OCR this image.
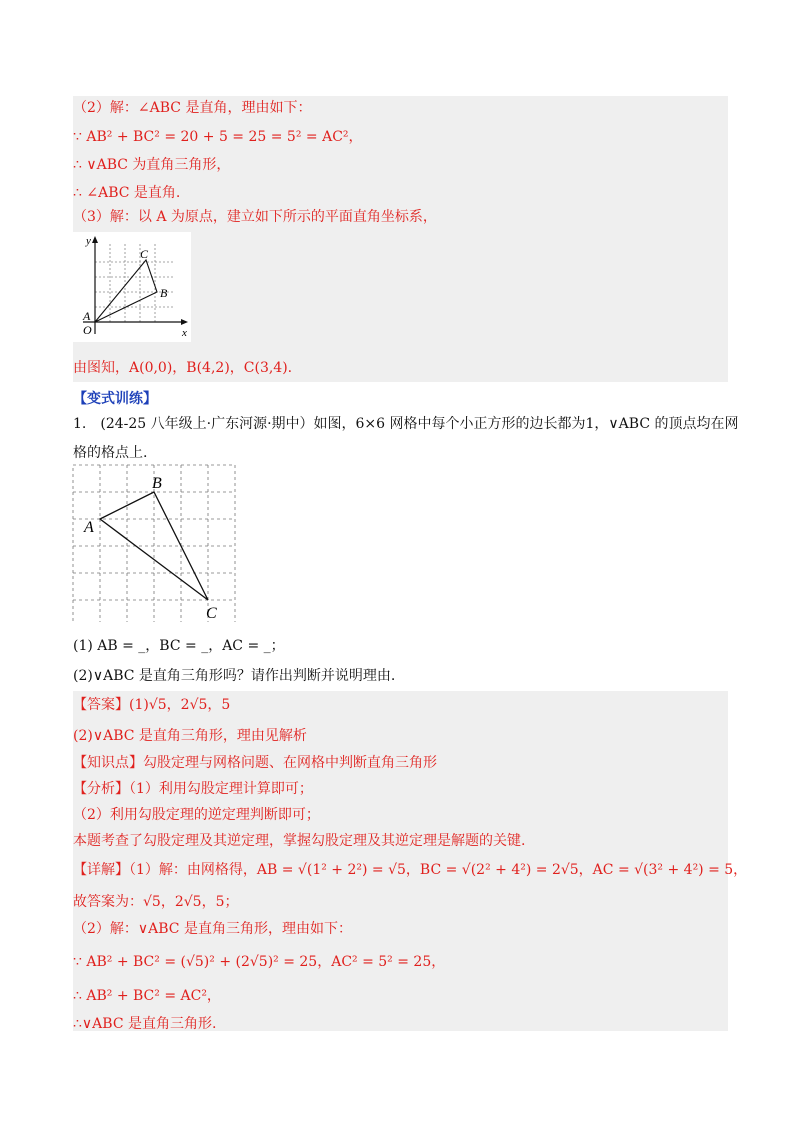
（2）解：∠ABC 是直角，理由如下：
∵ AB² + BC² = 20 + 5 = 25 = 5² = AC²，
∴ ∨ABC 为直角三角形，
∴ ∠ABC 是直角.
（3）解：以 A 为原点，建立如下所示的平面直角坐标系，
y
x
A
O
B
C
由图知，A(0,0)，B(4,2)，C(3,4).
【变式训练】
1.　(24-25 八年级上·广东河源·期中）如图，6×6 网格中每个小正方形的边长都为1，∨ABC 的顶点均在网
格的格点上.
A
B
C
(1) AB = _，BC = _，AC = _；
(2)∨ABC 是直角三角形吗？请作出判断并说明理由.
【答案】(1)√5，2√5，5
(2)∨ABC 是直角三角形，理由见解析
【知识点】勾股定理与网格问题、在网格中判断直角三角形
【分析】（1）利用勾股定理计算即可；
（2）利用勾股定理的逆定理判断即可；
本题考查了勾股定理及其逆定理，掌握勾股定理及其逆定理是解题的关键.
【详解】（1）解：由网格得，AB = √(1² + 2²) = √5，BC = √(2² + 4²) = 2√5，AC = √(3² + 4²) = 5，
故答案为：√5，2√5，5；
（2）解：∨ABC 是直角三角形，理由如下：
∵ AB² + BC² = (√5)² + (2√5)² = 25，AC² = 5² = 25，
∴ AB² + BC² = AC²，
∴∨ABC 是直角三角形.
